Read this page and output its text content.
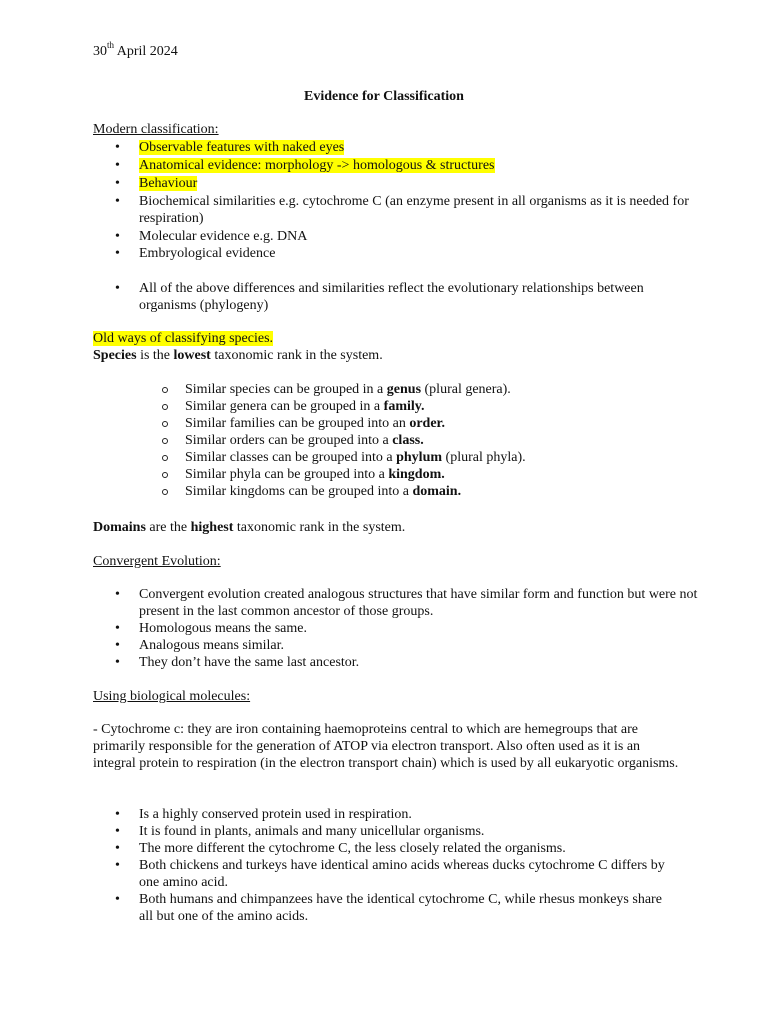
30th April 2024
Evidence for Classification
Modern classification:
• Observable features with naked eyes
• Anatomical evidence: morphology -> homologous & structures
• Behaviour
• Biochemical similarities e.g. cytochrome C (an enzyme present in all organisms as it is needed for respiration)
• Molecular evidence e.g. DNA
• Embryological evidence
• All of the above differences and similarities reflect the evolutionary relationships between organisms (phylogeny)
Old ways of classifying species.
Species is the lowest taxonomic rank in the system.
Similar species can be grouped in a genus (plural genera).
Similar genera can be grouped in a family.
Similar families can be grouped into an order.
Similar orders can be grouped into a class.
Similar classes can be grouped into a phylum (plural phyla).
Similar phyla can be grouped into a kingdom.
Similar kingdoms can be grouped into a domain.
Domains are the highest taxonomic rank in the system.
Convergent Evolution:
• Convergent evolution created analogous structures that have similar form and function but were not present in the last common ancestor of those groups.
• Homologous means the same.
• Analogous means similar.
• They don’t have the same last ancestor.
Using biological molecules:
- Cytochrome c: they are iron containing haemoproteins central to which are hemegroups that are primarily responsible for the generation of ATOP via electron transport. Also often used as it is an integral protein to respiration (in the electron transport chain) which is used by all eukaryotic organisms.
• Is a highly conserved protein used in respiration.
• It is found in plants, animals and many unicellular organisms.
• The more different the cytochrome C, the less closely related the organisms.
• Both chickens and turkeys have identical amino acids whereas ducks cytochrome C differs by one amino acid.
• Both humans and chimpanzees have the identical cytochrome C, while rhesus monkeys share all but one of the amino acids.
